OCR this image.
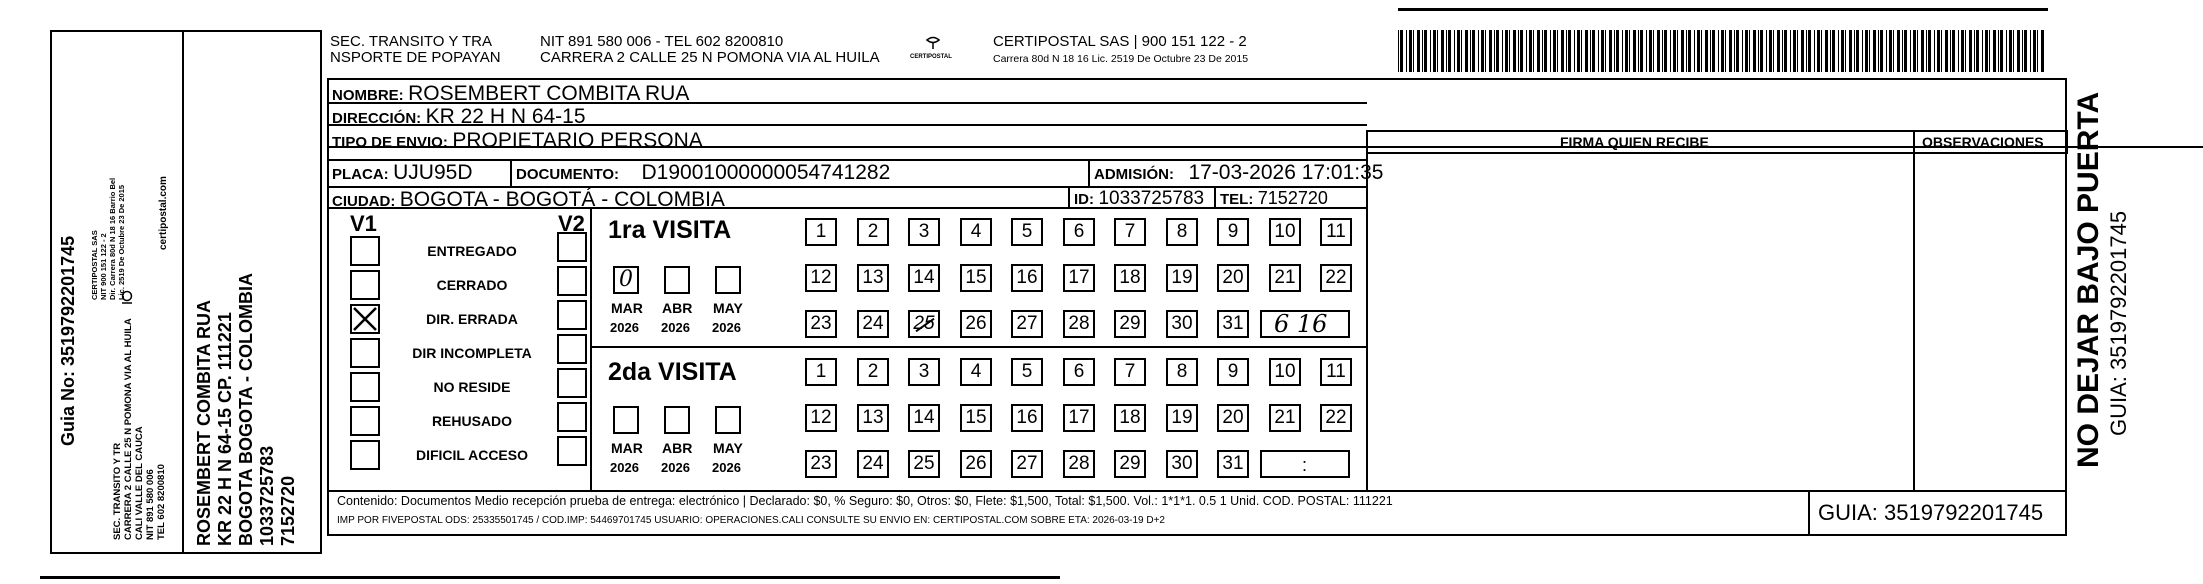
Guia No: 3519792201745
SEC. TRANSITO Y TR CARRERA 2 CALLE 25 N POMONA VIA AL HUILA CALI VALLE DEL CAUCA NIT 891 580 006 TEL 602 8200810
CERTIPOSTAL SAS NIT 900 151 122 - 2 Dir. Carrera 80d N 18 16 Barrio Bel Lic. 2519 De Octubre 23 De 2015	certipostal.com
ROSEMBERT COMBITA RUA KR 22 H N 64-15 CP. 111221 BOGOTA BOGOTA - COLOMBIA 1033725783 7152720
SEC. TRANSITO Y TRA
NSPORTE DE POPAYAN
NIT 891 580 006 - TEL 602 8200810
CARRERA 2 CALLE 25 N POMONA VIA AL HUILA	CERTIPOSTAL
CERTIPOSTAL SAS | 900 151 122 - 2
Carrera 80d N 18 16 Lic. 2519 De Octubre 23 De 2015
NOMBRE: ROSEMBERT COMBITA RUA
DIRECCIÓN: KR 22 H N 64-15
TIPO DE ENVIO: PROPIETARIO PERSONA
PLACA: UJU95D	DOCUMENTO: D19001000000054741282	ADMISIÓN: 17-03-2026 17:01:35
CIUDAD: BOGOTA - BOGOTÁ - COLOMBIA	ID: 1033725783 TEL: 7152720
FIRMA QUIEN RECIBE	OBSERVACIONES
V1	V2
ENTREGADO
CERRADO
DIR. ERRADA
DIR INCOMPLETA
NO RESIDE
REHUSADO
DIFICIL ACCESO
1ra VISITA
2da VISITA
0
MAR
2026
ABR
2026
MAY
2026
MAR
2026
ABR
2026
MAY
2026
1	2	3	4	5	6	7	8	9	10	11
12 13 14 15 16 17 18 19 20 21 22
23 24 25 26 27 28 29 30 31
1	2	3	4	5	6	7	8	9	10	11
12 13 14 15 16 17 18 19 20 21 22
23 24 25 26 27 28 29 30 31
6 16
:
Contenido: Documentos Medio recepción prueba de entrega: electrónico | Declarado: $0, % Seguro: $0, Otros: $0, Flete: $1,500, Total: $1,500. Vol.: 1*1*1. 0.5 1 Unid. COD. POSTAL: 111221
IMP POR FIVEPOSTAL ODS: 25335501745 / COD.IMP: 54469701745 USUARIO: OPERACIONES.CALI CONSULTE SU ENVIO EN: CERTIPOSTAL.COM SOBRE ETA: 2026-03-19 D+2	GUIA: 3519792201745
NO DEJAR BAJO PUERTA GUIA: 3519792201745
